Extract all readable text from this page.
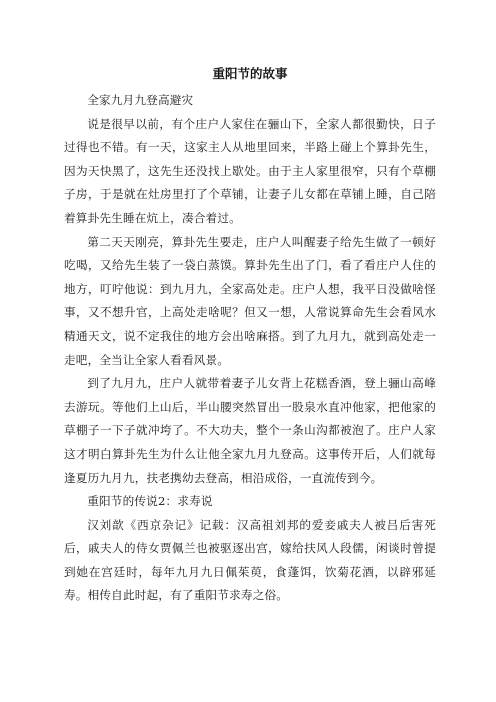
重阳节的故事

全家九月九登高避灾

说是很早以前，有个庄户人家住在骊山下，全家人都很勤快，日子过得也不错。有一天，这家主人从地里回来，半路上碰上个算卦先生，因为天快黑了，这先生还没找上歇处。由于主人家里很窄，只有个草棚子房，于是就在灶房里打了个草铺，让妻子儿女都在草铺上睡，自己陪着算卦先生睡在炕上，凑合着过。

第二天天刚亮，算卦先生要走，庄户人叫醒妻子给先生做了一顿好吃喝，又给先生装了一袋白蒸馍。算卦先生出了门，看了看庄户人住的地方，叮咛他说：到九月九，全家高处走。庄户人想，我平日没做啥怪事，又不想升官，上高处走啥呢？但又一想，人常说算命先生会看风水精通天文，说不定我住的地方会出啥麻搭。到了九月九，就到高处走一走吧，全当让全家人看看风景。

到了九月九，庄户人就带着妻子儿女背上花糕香酒，登上骊山高峰去游玩。等他们上山后，半山腰突然冒出一股泉水直冲他家，把他家的草棚子一下子就冲垮了。不大功夫，整个一条山沟都被泡了。庄户人家这才明白算卦先生为什么让他全家九月九登高。这事传开后，人们就每逢夏历九月九，扶老携幼去登高，相沿成俗，一直流传到今。

重阳节的传说2：求寿说

汉刘歆《西京杂记》记载：汉高祖刘邦的爱妾戚夫人被吕后害死后，戚夫人的侍女贾佩兰也被驱逐出宫，嫁给扶风人段儒，闲谈时曾提到她在宫廷时，每年九月九日佩茱萸，食蓬饵，饮菊花酒，以辟邪延寿。相传自此时起，有了重阳节求寿之俗。
